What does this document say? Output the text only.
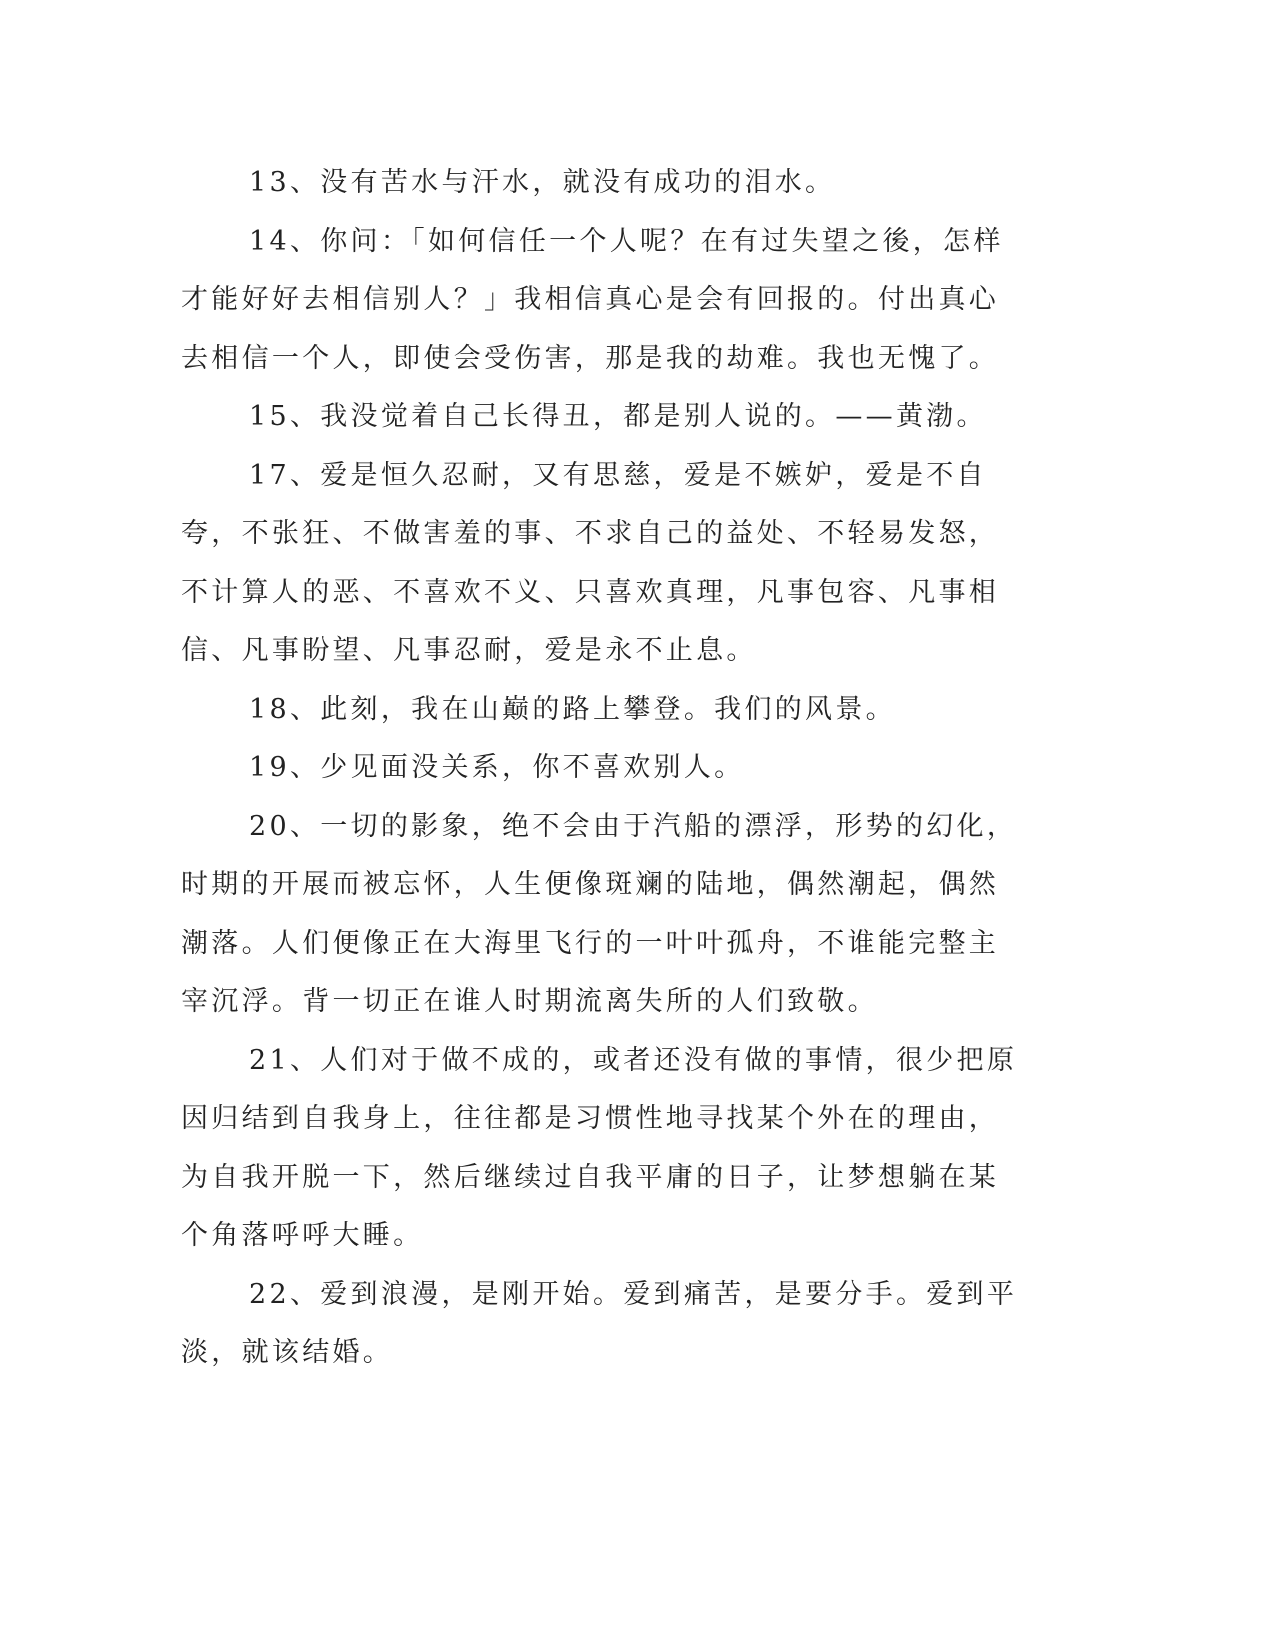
13、没有苦水与汗水，就没有成功的泪水。

14、你问：「如何信任一个人呢？在有过失望之後，怎样才能好好去相信别人？」我相信真心是会有回报的。付出真心去相信一个人，即使会受伤害，那是我的劫难。我也无愧了。

15、我没觉着自己长得丑，都是别人说的。——黄渤。

17、爱是恒久忍耐，又有思慈，爱是不嫉妒，爱是不自夸，不张狂、不做害羞的事、不求自己的益处、不轻易发怒，不计算人的恶、不喜欢不义、只喜欢真理，凡事包容、凡事相信、凡事盼望、凡事忍耐，爱是永不止息。

18、此刻，我在山巅的路上攀登。我们的风景。

19、少见面没关系，你不喜欢别人。

20、一切的影象，绝不会由于汽船的漂浮，形势的幻化，时期的开展而被忘怀，人生便像斑斓的陆地，偶然潮起，偶然潮落。人们便像正在大海里飞行的一叶叶孤舟，不谁能完整主宰沉浮。背一切正在谁人时期流离失所的人们致敬。

21、人们对于做不成的，或者还没有做的事情，很少把原因归结到自我身上，往往都是习惯性地寻找某个外在的理由，为自我开脱一下，然后继续过自我平庸的日子，让梦想躺在某个角落呼呼大睡。

22、爱到浪漫，是刚开始。爱到痛苦，是要分手。爱到平淡，就该结婚。
